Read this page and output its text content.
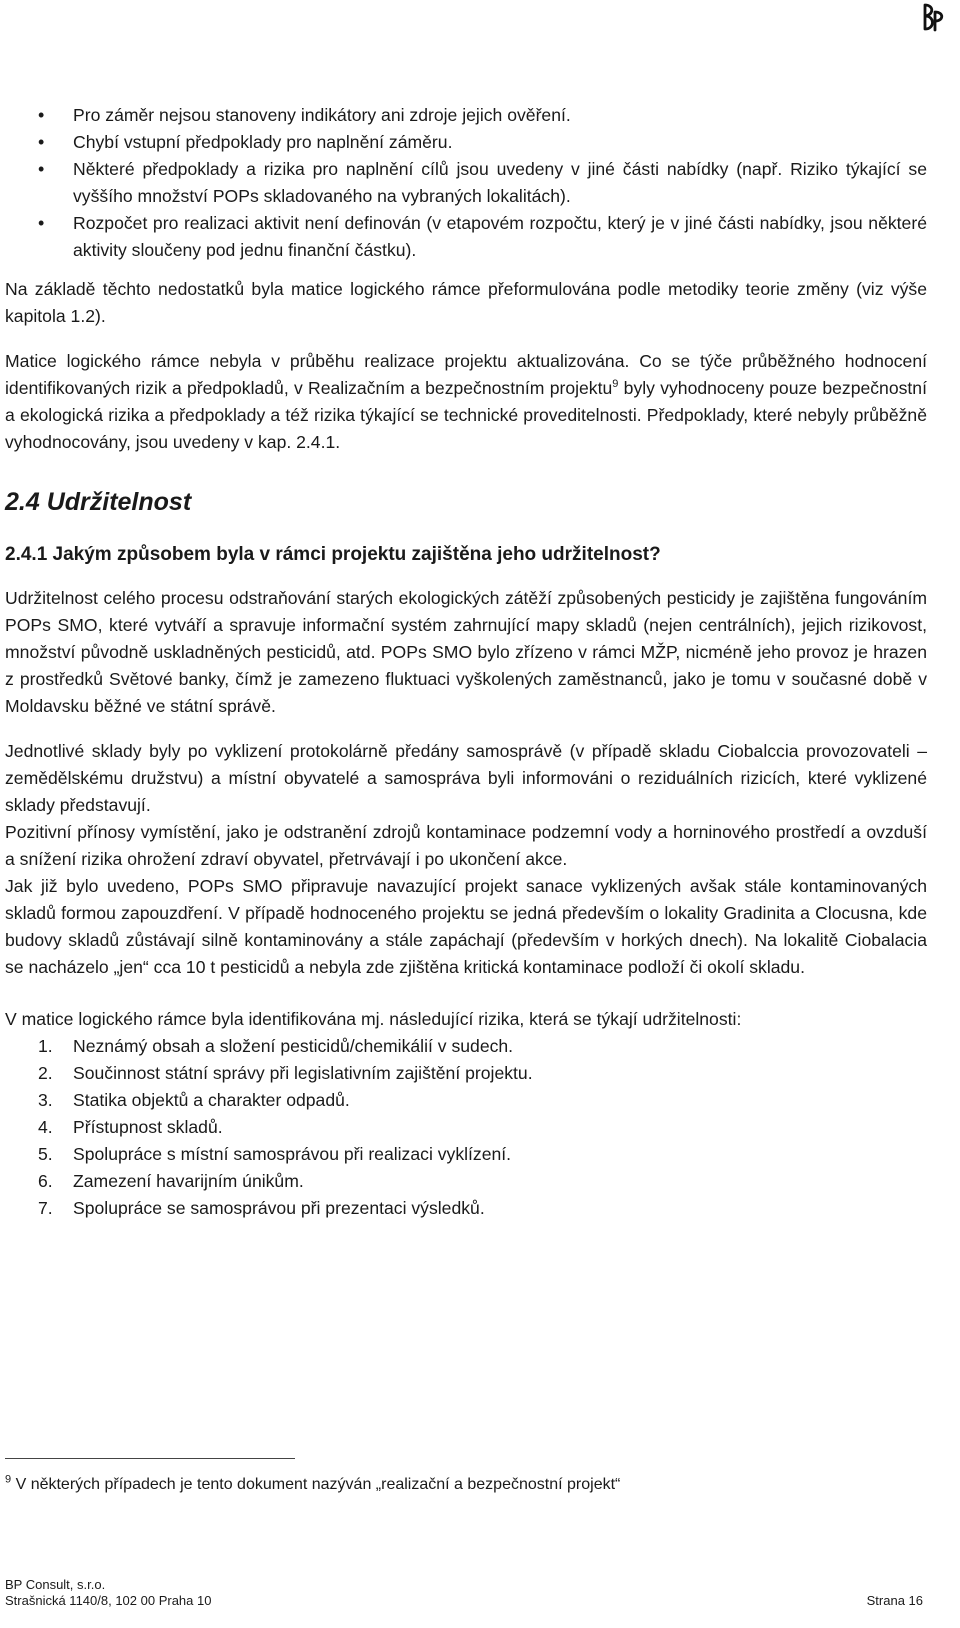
• Pro záměr nejsou stanoveny indikátory ani zdroje jejich ověření.
• Chybí vstupní předpoklady pro naplnění záměru.
• Některé předpoklady a rizika pro naplnění cílů jsou uvedeny v jiné části nabídky (např. Riziko týkající se vyššího množství POPs skladovaného na vybraných lokalitách).
• Rozpočet pro realizaci aktivit není definován (v etapovém rozpočtu, který je v jiné části nabídky, jsou některé aktivity sloučeny pod jednu finanční částku).

Na základě těchto nedostatků byla matice logického rámce přeformulována podle metodiky teorie změny (viz výše kapitola 1.2).

Matice logického rámce nebyla v průběhu realizace projektu aktualizována. Co se týče průběžného hodnocení identifikovaných rizik a předpokladů, v Realizačním a bezpečnostním projektu$^9$ byly vyhodnoceny pouze bezpečnostní a ekologická rizika a předpoklady a též rizika týkající se technické proveditelnosti. Předpoklady, které nebyly průběžně vyhodnocovány, jsou uvedeny v kap. 2.4.1.

2.4 Udržitelnost
2.4.1 Jakým způsobem byla v rámci projektu zajištěna jeho udržitelnost?

Udržitelnost celého procesu odstraňování starých ekologických zátěží způsobených pesticidy je zajištěna fungováním POPs SMO, které vytváří a spravuje informační systém zahrnující mapy skladů (nejen centrálních), jejich rizikovost, množství původně uskladněných pesticidů, atd. POPs SMO bylo zřízeno v rámci MŽP, nicméně jeho provoz je hrazen z prostředků Světové banky, čímž je zamezeno fluktuaci vyškolených zaměstnanců, jako je tomu v současné době v Moldavsku běžné ve státní správě.

Jednotlivé sklady byly po vyklizení protokolárně předány samosprávě (v případě skladu Ciobalccia provozovateli – zemědělskému družstvu) a místní obyvatelé a samospráva byli informováni o reziduálních rizicích, které vyklizené sklady představují.

Pozitivní přínosy vymístění, jako je odstranění zdrojů kontaminace podzemní vody a horninového prostředí a ovzduší a snížení rizika ohrožení zdraví obyvatel, přetrvávají i po ukončení akce.

Jak již bylo uvedeno, POPs SMO připravuje navazující projekt sanace vyklizených avšak stále kontaminovaných skladů formou zapouzdření. V případě hodnoceného projektu se jedná především o lokality Gradinita a Clocusna, kde budovy skladů zůstávají silně kontaminovány a stále zapáchají (především v horkých dnech). Na lokalitě Ciobalacia se nacházelo „jen“ cca 10 t pesticidů a nebyla zde zjištěna kritická kontaminace podloží či okolí skladu.

V matice logického rámce byla identifikována mj. následující rizika, která se týkají udržitelnosti:

1. Neznámý obsah a složení pesticidů/chemikálií v sudech.
2. Součinnost státní správy při legislativním zajištění projektu.
3. Statika objektů a charakter odpadů.
4. Přístupnost skladů.
5. Spolupráce s místní samosprávou při realizaci vyklízení.
6. Zamezení havarijním únikům.
7. Spolupráce se samosprávou při prezentaci výsledků.
$^9$ V některých případech je tento dokument nazýván „realizační a bezpečnostní projekt“
BP Consult, s.r.o.
Strašnická 1140/8, 102 00 Praha 10	Strana 16
